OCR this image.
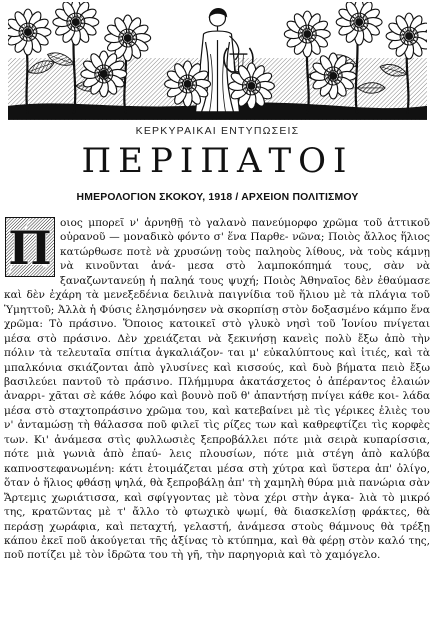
ΚΕΡΚΥΡΑΙΚΑΙ ΕΝΤΥΠΩΣΕΙΣ
ΠΕΡΙΠΑΤΟΙ
ΗΜΕΡΟΛΟΓΙΟΝ ΣΚΟΚΟΥ, 1918 / ΑΡΧΕΙΟΝ ΠΟΛΙΤΙΣΜΟΥ
Π οιος μπορεῖ ν' ἀρνηθῇ τὸ γαλανὸ πανεύμορφο χρῶμα τοῦ ἀττικοῦ οὐρανοῦ — μοναδικὸ φόντο σ' ἕνα Παρθε- νῶνα; Ποιὸς ἄλλος ἥλιος κατώρθωσε ποτὲ νὰ χρυσώνῃ τοὺς παληοὺς λίθους, νὰ τοὺς κάμνῃ νὰ κινοῦνται ἀνά- μεσα στὸ λαμποκόπημά τους, σὰν νὰ ξαναζωντανεύῃ ἡ παληά τους ψυχή; Ποιὸς Ἀθηναῖος δὲν ἐθαύμασε καὶ δὲν ἐχάρη τὰ μενεξεδένια δειλινὰ παιγνίδια τοῦ ἥλιου μὲ τὰ πλάγια τοῦ Ὑμηττοῦ; Ἀλλὰ ἡ Φύσις ἐλησμόνησεν νὰ σκορπίσῃ στὸν δοξασμένο κάμπο ἕνα χρῶμα: Τὸ πράσινο. Ὅποιος κατοικεῖ στὸ γλυκὸ νησὶ τοῦ Ἰονίου πνίγεται μέσα στὸ πράσινο. Δὲν χρειάζεται νὰ ξεκινήσῃ κανεὶς πολὺ ἔξω ἀπὸ τὴν πόλιν τὰ τελευταῖα σπίτια ἀγκαλιάζον- ται μ' εὐκαλύπτους καὶ ἰτιές, καὶ τὰ μπαλκόνια σκιάζονται ἀπὸ γλυσίνες καὶ κισσούς, καὶ δυὸ βήματα πειὸ ἔξω βασιλεύει παντοῦ τὸ πράσινο. Πλήμμυρα ἀκατάσχετος ὁ ἀπέραντος ἐλαιών ἀναρρι- χᾶται σὲ κάθε λόφο καὶ βουνὸ ποῦ θ' ἀπαντήσῃ πνίγει κάθε κοι- λάδα μέσα στὸ σταχτοπράσινο χρῶμα του, καὶ κατεβαίνει μὲ τὶς γέρικες ἐλιὲς του ν' ἀνταμώσῃ τὴ θάλασσα ποῦ φιλεῖ τὶς ρίζες των καὶ καθρεφτίζει τὶς κορφὲς των. Κι' ἀνάμεσα στὶς φυλλωσιὲς ξεπροβάλλει πότε μιὰ σειρὰ κυπαρίσσια, πότε μιὰ γωνιὰ ἀπὸ ἐπαύ- λεις πλουσίων, πότε μιὰ στέγη ἀπὸ καλύβα καπνοστεφανωμένη: κάτι ἑτοιμάζεται μέσα στὴ χύτρα καὶ ὕστερα ἀπ' ὀλίγο, ὅταν ὁ ἥλιος φθάσῃ ψηλά, θὰ ξεπροβάλῃ ἀπ' τὴ χαμηλὴ θύρα μιὰ πανώρια σὰν Ἄρτεμις χωριάτισσα, καὶ σφίγγοντας μὲ τὸνα χέρι στὴν ἀγκα- λιὰ τὸ μικρό της, κρατῶντας μὲ τ' ἄλλο τὸ φτωχικὸ ψωμί, θὰ διασκελίσῃ φράκτες, θὰ περάσῃ χωράφια, καὶ πεταχτή, γελαστή, ἀνάμεσα στοὺς θάμνους θὰ τρέξῃ κάπου ἐκεῖ ποῦ ἀκούγεται τῆς ἀξίνας τὸ κτύπημα, καὶ θὰ φέρῃ στὸν καλό της, ποῦ ποτίζει μὲ τὸν ἱδρῶτα του τὴ γῆ, τὴν παρηγοριὰ καὶ τὸ χαμόγελο.
